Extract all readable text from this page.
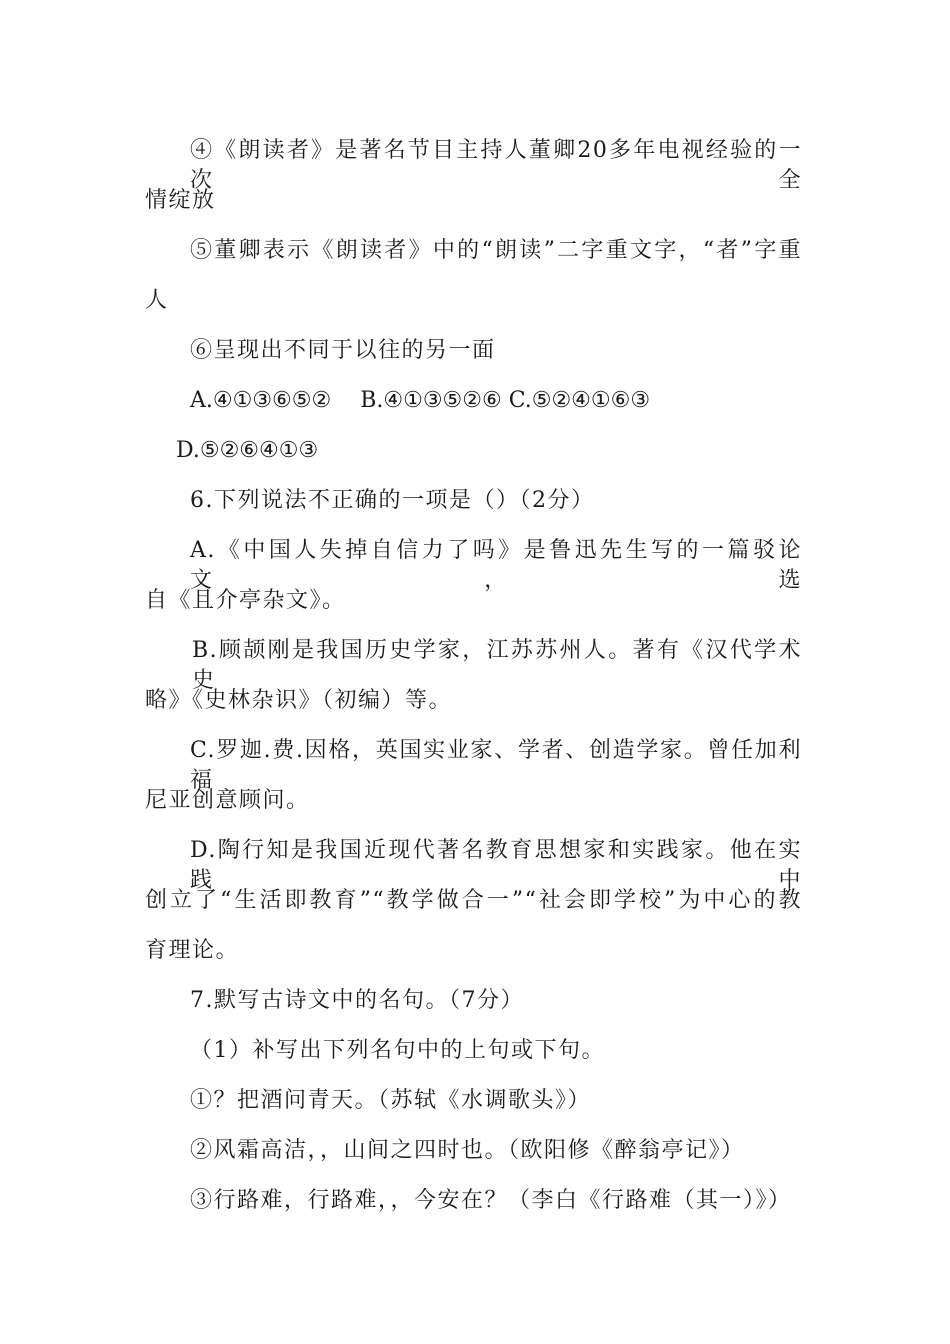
④《朗读者》是著名节目主持人董卿20多年电视经验的一次全
情绽放
⑤董卿表示《朗读者》中的“朗读”二字重文字，“者”字重
人
⑥呈现出不同于以往的另一面
A.④①③⑥⑤②　 B.④①③⑤②⑥ C.⑤②④①⑥③
D.⑤②⑥④①③
6.下列说法不正确的一项是（）（2分）
A.《中国人失掉自信力了吗》是鲁迅先生写的一篇驳论文，选
自《且介亭杂文》。
B.顾颉刚是我国历史学家，江苏苏州人。著有《汉代学术史
略》《史林杂识》（初编）等。
C.罗迦.费.因格，英国实业家、学者、创造学家。曾任加利福
尼亚创意顾问。
D.陶行知是我国近现代著名教育思想家和实践家。他在实践中
创立了“生活即教育”“教学做合一”“社会即学校”为中心的教
育理论。
7.默写古诗文中的名句。（7分）
（1）补写出下列名句中的上句或下句。
①？把酒问青天。（苏轼《水调歌头》）
②风霜高洁，，山间之四时也。（欧阳修《醉翁亭记》）
③行路难，行路难，，今安在？（李白《行路难（其一）》）
